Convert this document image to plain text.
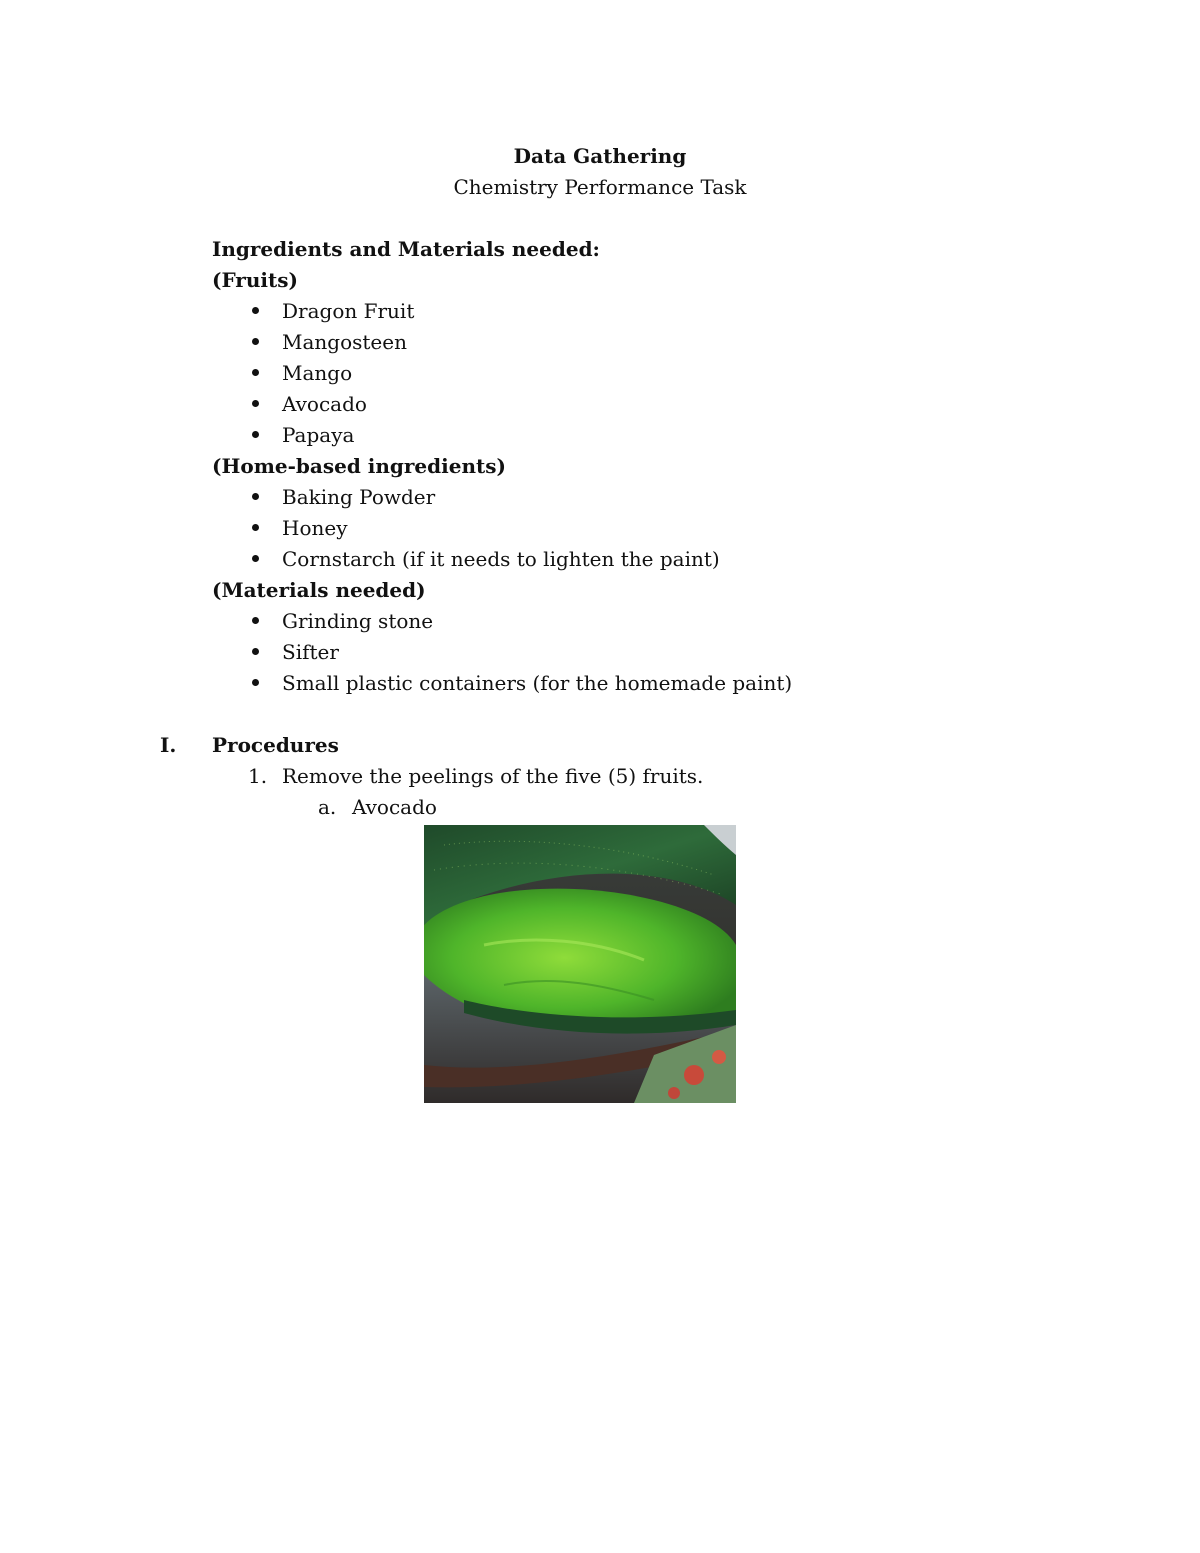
Data Gathering
Chemistry Performance Task
Ingredients and Materials needed:
(Fruits)
Dragon Fruit
Mangosteen
Mango
Avocado
Papaya
(Home-based ingredients)
Baking Powder
Honey
Cornstarch (if it needs to lighten the paint)
(Materials needed)
Grinding stone
Sifter
Small plastic containers (for the homemade paint)
I. Procedures
1. Remove the peelings of the five (5) fruits.
a. Avocado
